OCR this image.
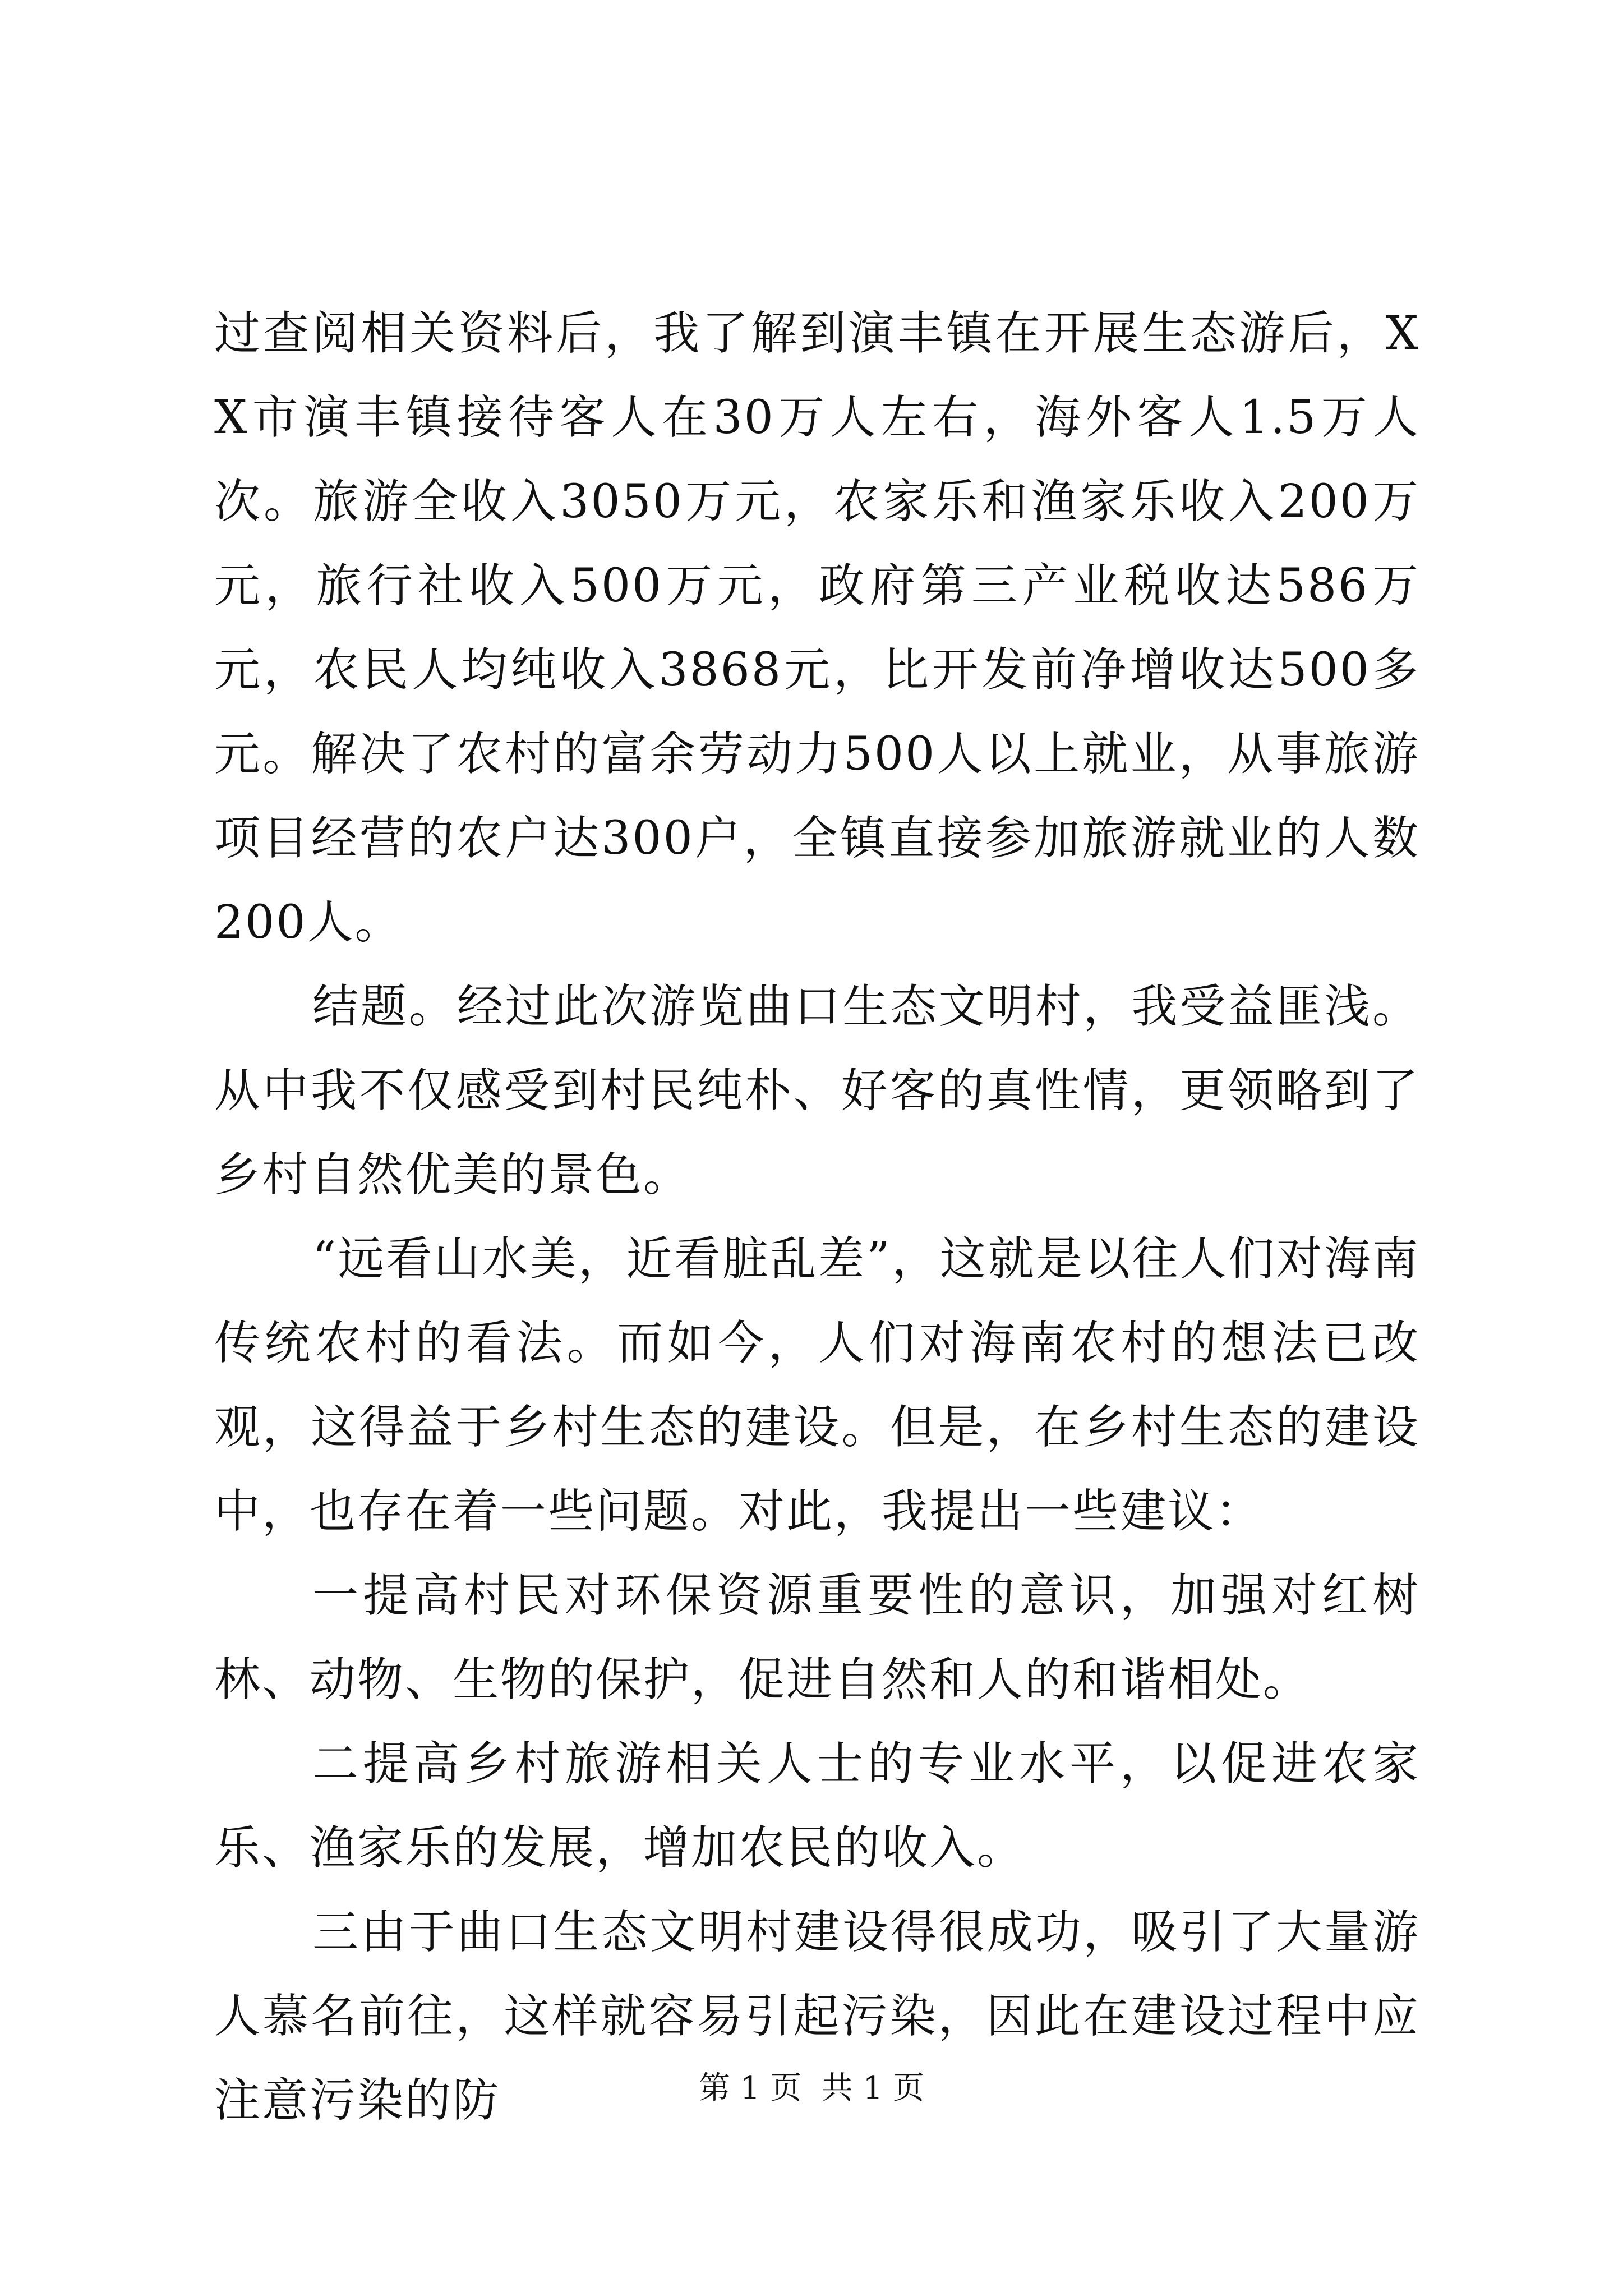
过查阅相关资料后，我了解到演丰镇在开展生态游后，XX市演丰镇接待客人在30万人左右，海外客人1.5万人次。旅游全收入3050万元，农家乐和渔家乐收入200万元，旅行社收入500万元，政府第三产业税收达586万元，农民人均纯收入3868元，比开发前净增收达500多元。解决了农村的富余劳动力500人以上就业，从事旅游项目经营的农户达300户，全镇直接参加旅游就业的人数200人。

结题。经过此次游览曲口生态文明村，我受益匪浅。从中我不仅感受到村民纯朴、好客的真性情，更领略到了乡村自然优美的景色。

“远看山水美，近看脏乱差”，这就是以往人们对海南传统农村的看法。而如今，人们对海南农村的想法已改观，这得益于乡村生态的建设。但是，在乡村生态的建设中，也存在着一些问题。对此，我提出一些建议：

一提高村民对环保资源重要性的意识，加强对红树林、动物、生物的保护，促进自然和人的和谐相处。

二提高乡村旅游相关人士的专业水平，以促进农家乐、渔家乐的发展，增加农民的收入。

三由于曲口生态文明村建设得很成功，吸引了大量游人慕名前往，这样就容易引起污染，因此在建设过程中应注意污染的防	第 1 页  共 1 页
